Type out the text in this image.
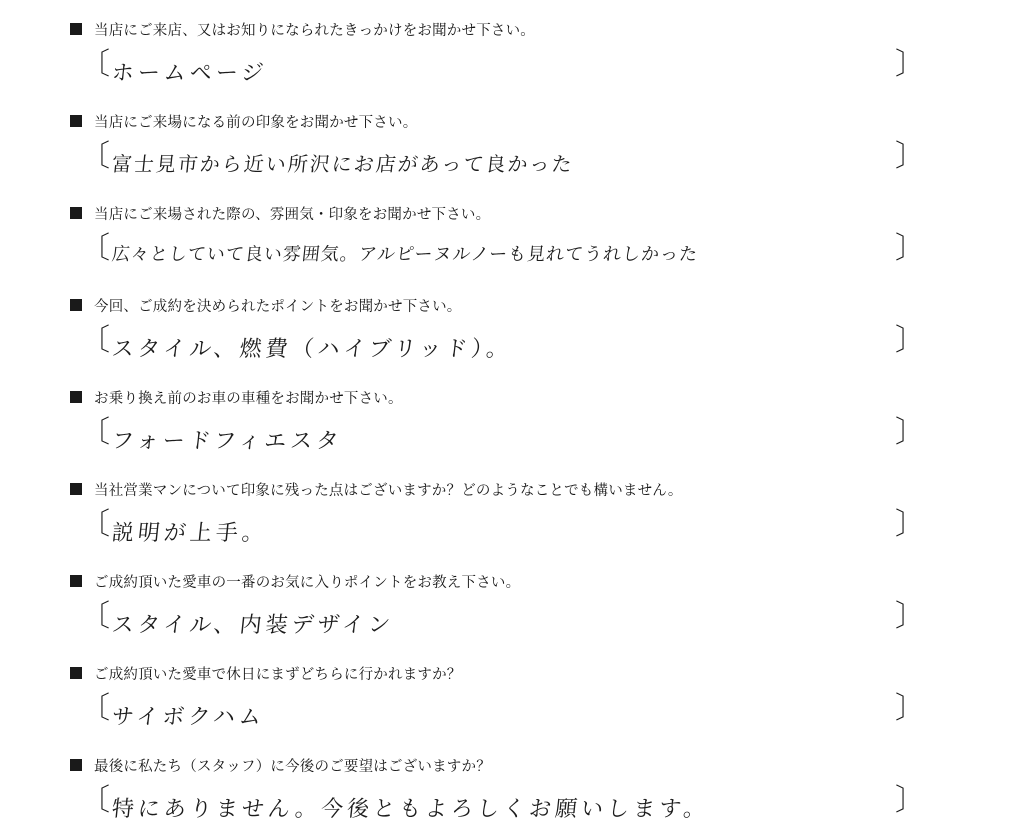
当店にご来店、又はお知りになられたきっかけをお聞かせ下さい。
〔 ホームページ	〕
当店にご来場になる前の印象をお聞かせ下さい。
〔 富士見市から近い所沢にお店があって良かった	〕
当店にご来場された際の、雰囲気・印象をお聞かせ下さい。
〔 広々としていて良い雰囲気。アルピーヌルノーも見れてうれしかった	〕
今回、ご成約を決められたポイントをお聞かせ下さい。
〔 スタイル、燃費（ハイブリッド）。	〕
お乗り換え前のお車の車種をお聞かせ下さい。
〔 フォードフィエスタ	〕
当社営業マンについて印象に残った点はございますか？どのようなことでも構いません。
〔 説明が上手。	〕
ご成約頂いた愛車の一番のお気に入りポイントをお教え下さい。
〔 スタイル、内装デザイン	〕
ご成約頂いた愛車で休日にまずどちらに行かれますか？
〔 サイボクハム	〕
最後に私たち（スタッフ）に今後のご要望はございますか？
〔 特にありません。今後ともよろしくお願いします。	〕
